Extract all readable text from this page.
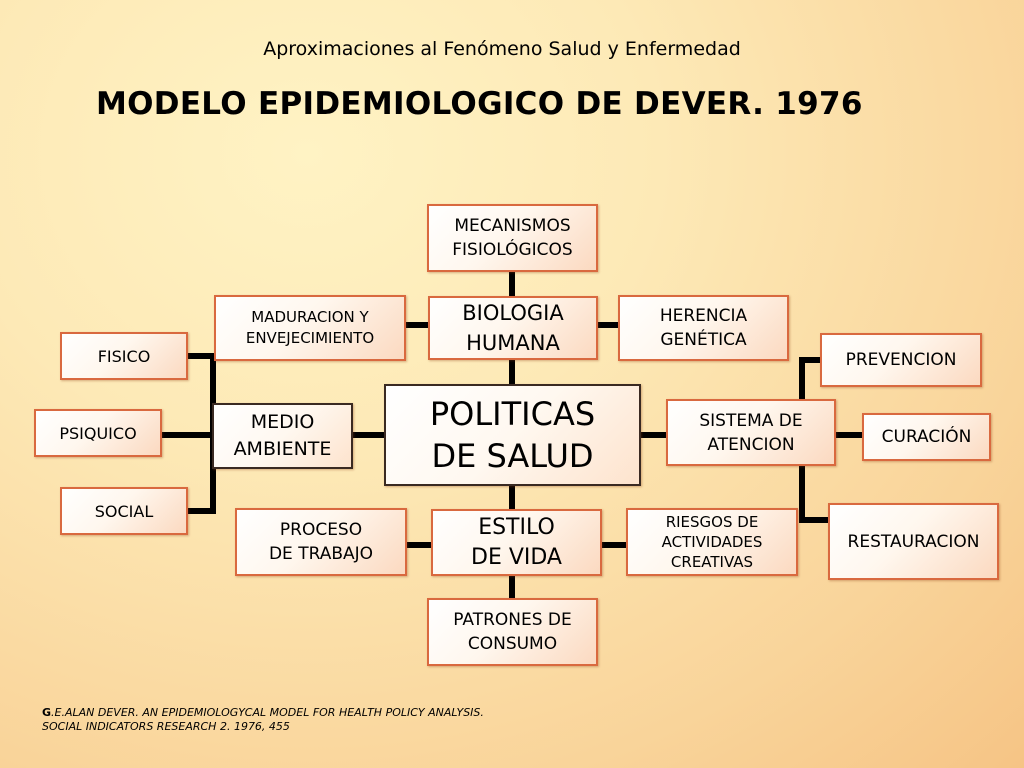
Aproximaciones al Fenómeno Salud y Enfermedad
MODELO EPIDEMIOLOGICO DE DEVER. 1976
MECANISMOS
FISIOLÓGICOS
MADURACION Y
ENVEJECIMIENTO
BIOLOGIA
HUMANA
HERENCIA
GENÉTICA
FISICO
PSIQUICO
SOCIAL
MEDIO
AMBIENTE
POLITICAS
DE SALUD
SISTEMA DE
ATENCION
PREVENCION
CURACIÓN
RESTAURACION
PROCESO
DE TRABAJO
ESTILO
DE VIDA
RIESGOS DE
ACTIVIDADES
CREATIVAS
PATRONES DE
CONSUMO
G.E.ALAN DEVER. AN EPIDEMIOLOGYCAL MODEL FOR HEALTH POLICY ANALYSIS.
SOCIAL INDICATORS RESEARCH 2. 1976, 455
